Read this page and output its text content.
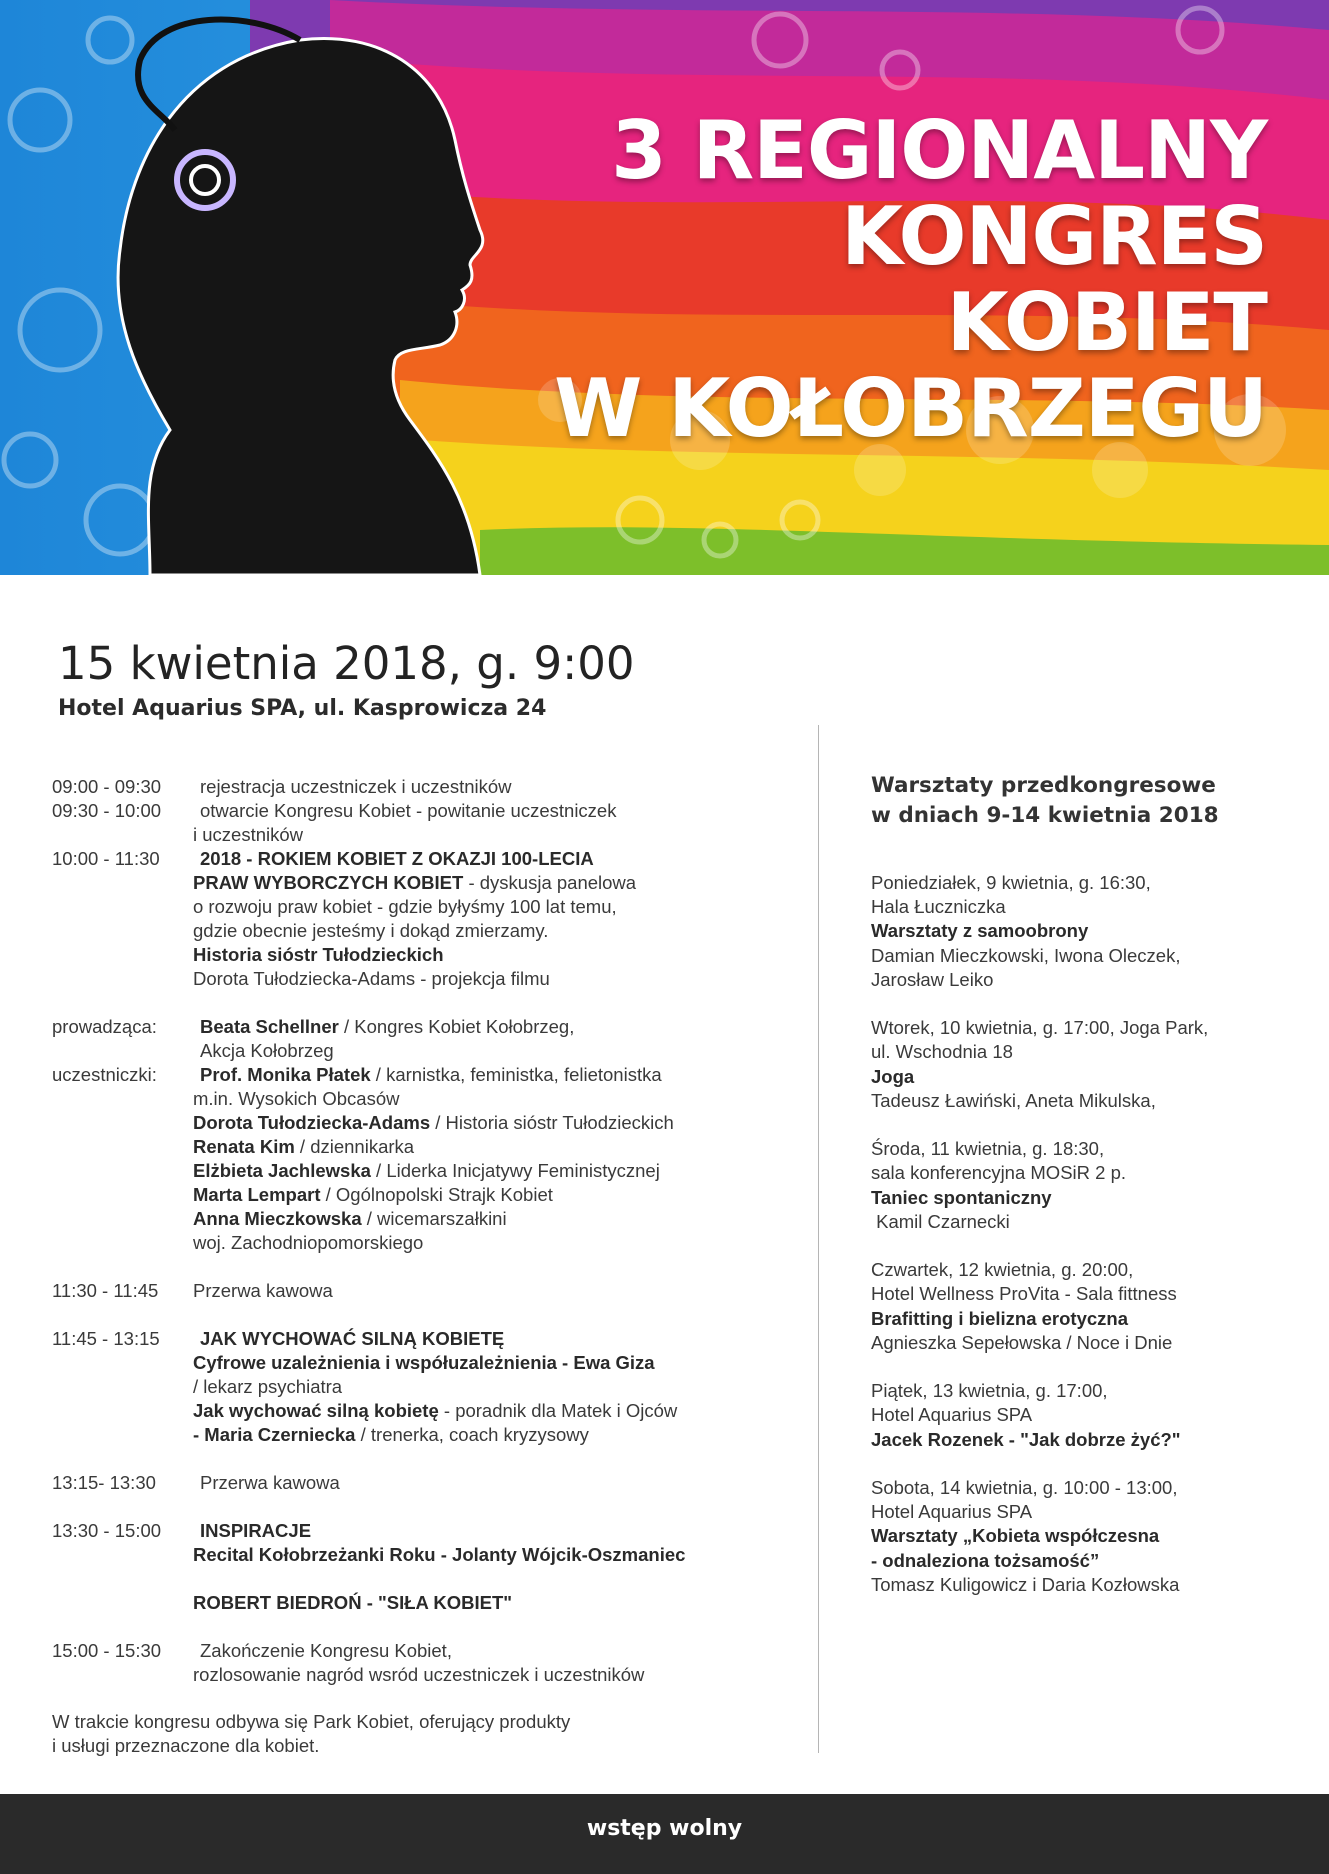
3 REGIONALNY
KONGRES
KOBIET
W KOŁOBRZEGU
15 kwietnia 2018, g. 9:00
Hotel Aquarius SPA, ul. Kasprowicza 24
09:00 - 09:30	rejestracja uczestniczek i uczestników
09:30 - 10:00	otwarcie Kongresu Kobiet - powitanie uczestniczek
i uczestników
10:00 - 11:30	2018 - ROKIEM KOBIET Z OKAZJI 100-LECIA
PRAW WYBORCZYCH KOBIET - dyskusja panelowa
o rozwoju praw kobiet - gdzie byłyśmy 100 lat temu,
gdzie obecnie jesteśmy i dokąd zmierzamy.
Historia sióstr Tułodzieckich
Dorota Tułodziecka-Adams - projekcja filmu
prowadząca:	Beata Schellner / Kongres Kobiet Kołobrzeg,
Akcja Kołobrzeg
uczestniczki:	Prof. Monika Płatek / karnistka, feministka, felietonistka
m.in. Wysokich Obcasów
Dorota Tułodziecka-Adams / Historia sióstr Tułodzieckich
Renata Kim / dziennikarka
Elżbieta Jachlewska / Liderka Inicjatywy Feministycznej
Marta Lempart / Ogólnopolski Strajk Kobiet
Anna Mieczkowska / wicemarszałkini
woj. Zachodniopomorskiego
11:30 - 11:45	Przerwa kawowa
11:45 - 13:15	JAK WYCHOWAĆ SILNĄ KOBIETĘ
Cyfrowe uzależnienia i współuzależnienia - Ewa Giza
/ lekarz psychiatra
Jak wychować silną kobietę - poradnik dla Matek i Ojców
- Maria Czerniecka / trenerka, coach kryzysowy
13:15- 13:30	Przerwa kawowa
13:30 - 15:00	INSPIRACJE
Recital Kołobrzeżanki Roku - Jolanty Wójcik-Oszmaniec

ROBERT BIEDROŃ - "SIŁA KOBIET"
15:00 - 15:30	Zakończenie Kongresu Kobiet,
rozlosowanie nagród wsród uczestniczek i uczestników
W trakcie kongresu odbywa się Park Kobiet, oferujący produkty
i usługi przeznaczone dla kobiet.
Warsztaty przedkongresowe
w dniach 9-14 kwietnia 2018
Poniedziałek, 9 kwietnia, g. 16:30,
Hala Łuczniczka
Warsztaty z samoobrony
Damian Mieczkowski, Iwona Oleczek,
Jarosław Leiko
Wtorek, 10 kwietnia, g. 17:00, Joga Park,
ul. Wschodnia 18
Joga
Tadeusz Ławiński, Aneta Mikulska,
Środa, 11 kwietnia, g. 18:30,
sala konferencyjna MOSiR 2 p.
Taniec spontaniczny
Kamil Czarnecki
Czwartek, 12 kwietnia, g. 20:00,
Hotel Wellness ProVita - Sala fittness
Brafitting i bielizna erotyczna
Agnieszka Sepełowska / Noce i Dnie
Piątek, 13 kwietnia, g. 17:00,
Hotel Aquarius SPA
Jacek Rozenek - "Jak dobrze żyć?"
Sobota, 14 kwietnia, g. 10:00 - 13:00,
Hotel Aquarius SPA
Warsztaty „Kobieta współczesna
- odnaleziona tożsamość”
Tomasz Kuligowicz i Daria Kozłowska
wstęp wolny
